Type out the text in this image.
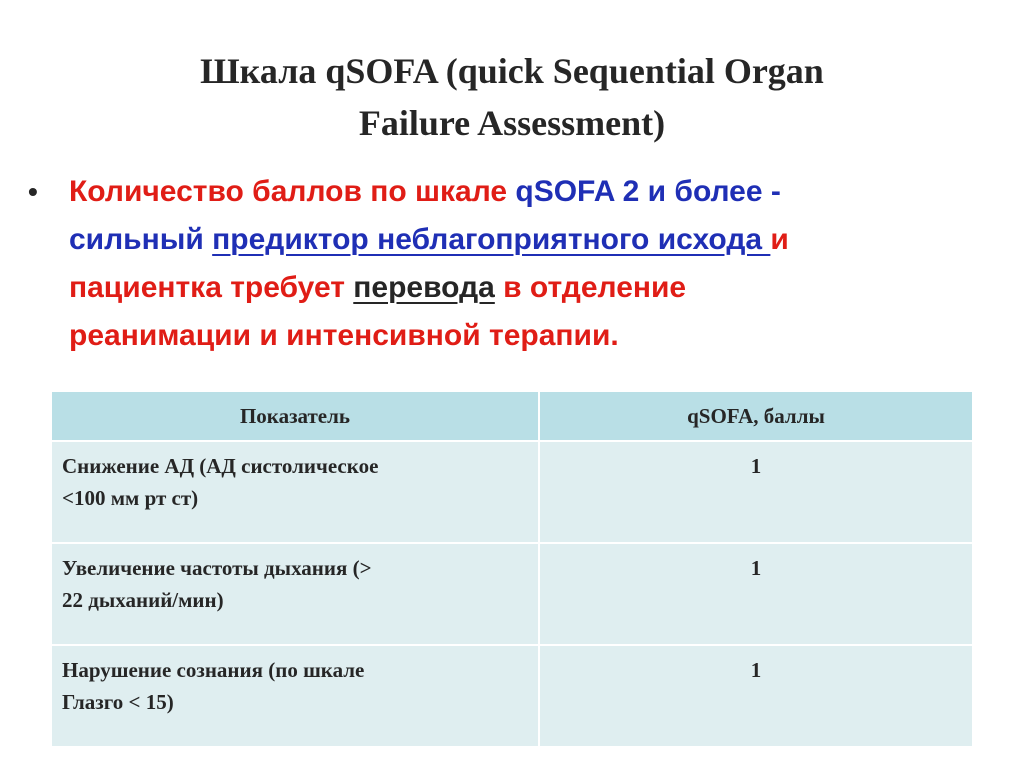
Шкала qSOFA (quick Sequential Organ
Failure Assessment)
• Количество баллов по шкале qSOFA 2 и более -
сильный предиктор неблагоприятного исхода и
пациентка требует перевода в отделение
реанимации и интенсивной терапии.
Показатель	qSOFA, баллы

Снижение АД (АД систолическое
<100 мм рт ст)	1

Увеличение частоты дыхания (>
22 дыханий/мин)	1

Нарушение сознания (по шкале
Глазго < 15)	1
